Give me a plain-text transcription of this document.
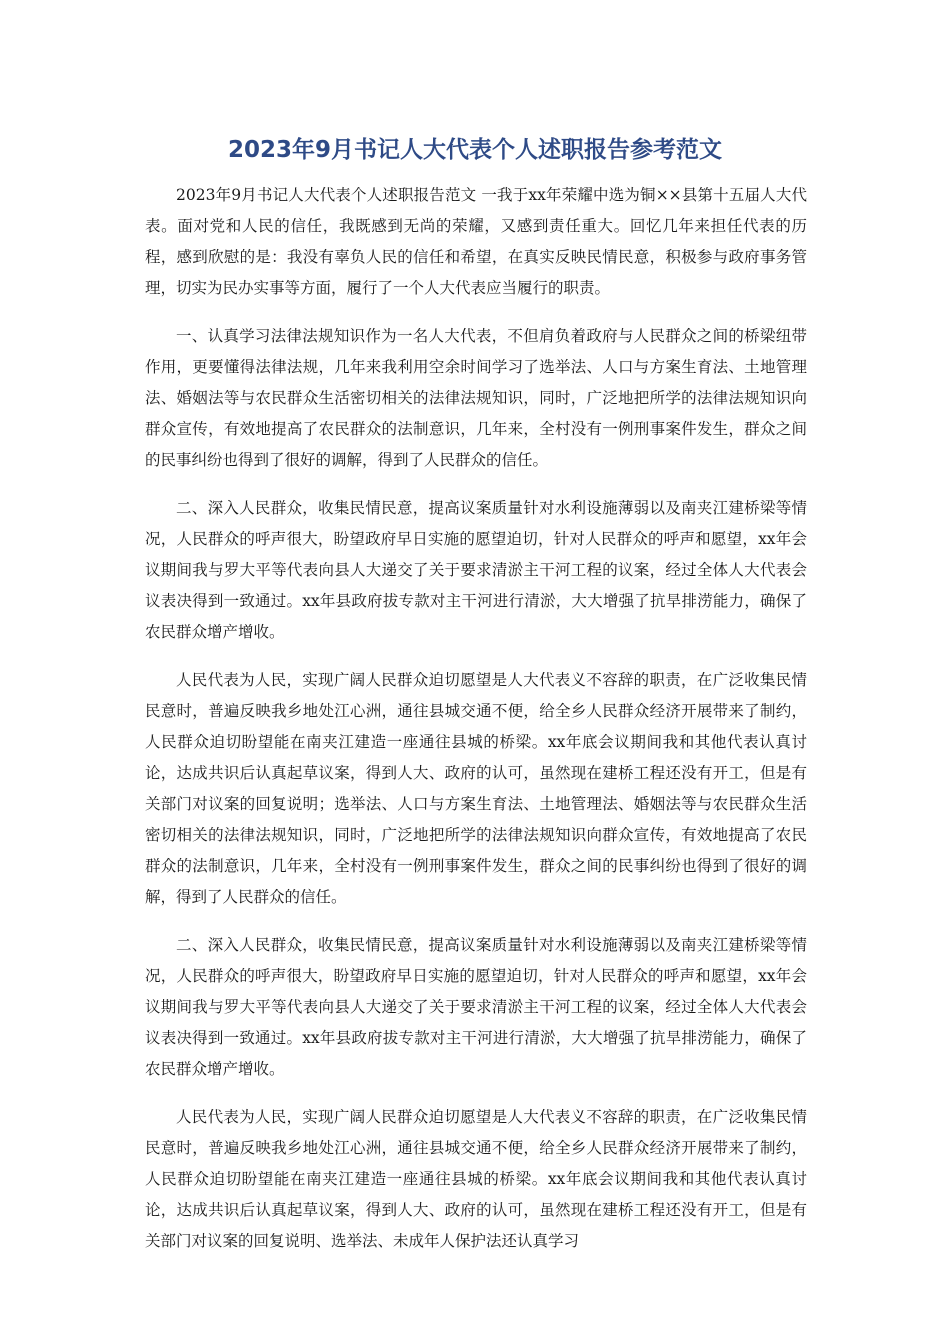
2023年9月书记人大代表个人述职报告参考范文

2023年9月书记人大代表个人述职报告范文 一我于xx年荣耀中选为铜××县第十五届人大代表。面对党和人民的信任，我既感到无尚的荣耀，又感到责任重大。回忆几年来担任代表的历程，感到欣慰的是：我没有辜负人民的信任和希望，在真实反映民情民意，积极参与政府事务管理，切实为民办实事等方面，履行了一个人大代表应当履行的职责。

一、认真学习法律法规知识作为一名人大代表，不但肩负着政府与人民群众之间的桥梁纽带作用，更要懂得法律法规，几年来我利用空余时间学习了选举法、人口与方案生育法、土地管理法、婚姻法等与农民群众生活密切相关的法律法规知识，同时，广泛地把所学的法律法规知识向群众宣传，有效地提高了农民群众的法制意识，几年来，全村没有一例刑事案件发生，群众之间的民事纠纷也得到了很好的调解，得到了人民群众的信任。

二、深入人民群众，收集民情民意，提高议案质量针对水利设施薄弱以及南夹江建桥梁等情况，人民群众的呼声很大，盼望政府早日实施的愿望迫切，针对人民群众的呼声和愿望，xx年会议期间我与罗大平等代表向县人大递交了关于要求清淤主干河工程的议案，经过全体人大代表会议表决得到一致通过。xx年县政府拔专款对主干河进行清淤，大大增强了抗旱排涝能力，确保了农民群众增产增收。

人民代表为人民，实现广阔人民群众迫切愿望是人大代表义不容辞的职责，在广泛收集民情民意时，普遍反映我乡地处江心洲，通往县城交通不便，给全乡人民群众经济开展带来了制约，人民群众迫切盼望能在南夹江建造一座通往县城的桥梁。xx年底会议期间我和其他代表认真讨论，达成共识后认真起草议案，得到人大、政府的认可，虽然现在建桥工程还没有开工，但是有关部门对议案的回复说明；选举法、人口与方案生育法、土地管理法、婚姻法等与农民群众生活密切相关的法律法规知识，同时，广泛地把所学的法律法规知识向群众宣传，有效地提高了农民群众的法制意识，几年来，全村没有一例刑事案件发生，群众之间的民事纠纷也得到了很好的调解，得到了人民群众的信任。

二、深入人民群众，收集民情民意，提高议案质量针对水利设施薄弱以及南夹江建桥梁等情况，人民群众的呼声很大，盼望政府早日实施的愿望迫切，针对人民群众的呼声和愿望，xx年会议期间我与罗大平等代表向县人大递交了关于要求清淤主干河工程的议案，经过全体人大代表会议表决得到一致通过。xx年县政府拔专款对主干河进行清淤，大大增强了抗旱排涝能力，确保了农民群众增产增收。

人民代表为人民，实现广阔人民群众迫切愿望是人大代表义不容辞的职责，在广泛收集民情民意时，普遍反映我乡地处江心洲，通往县城交通不便，给全乡人民群众经济开展带来了制约，人民群众迫切盼望能在南夹江建造一座通往县城的桥梁。xx年底会议期间我和其他代表认真讨论，达成共识后认真起草议案，得到人大、政府的认可，虽然现在建桥工程还没有开工，但是有关部门对议案的回复说明、选举法、未成年人保护法还认真学习
